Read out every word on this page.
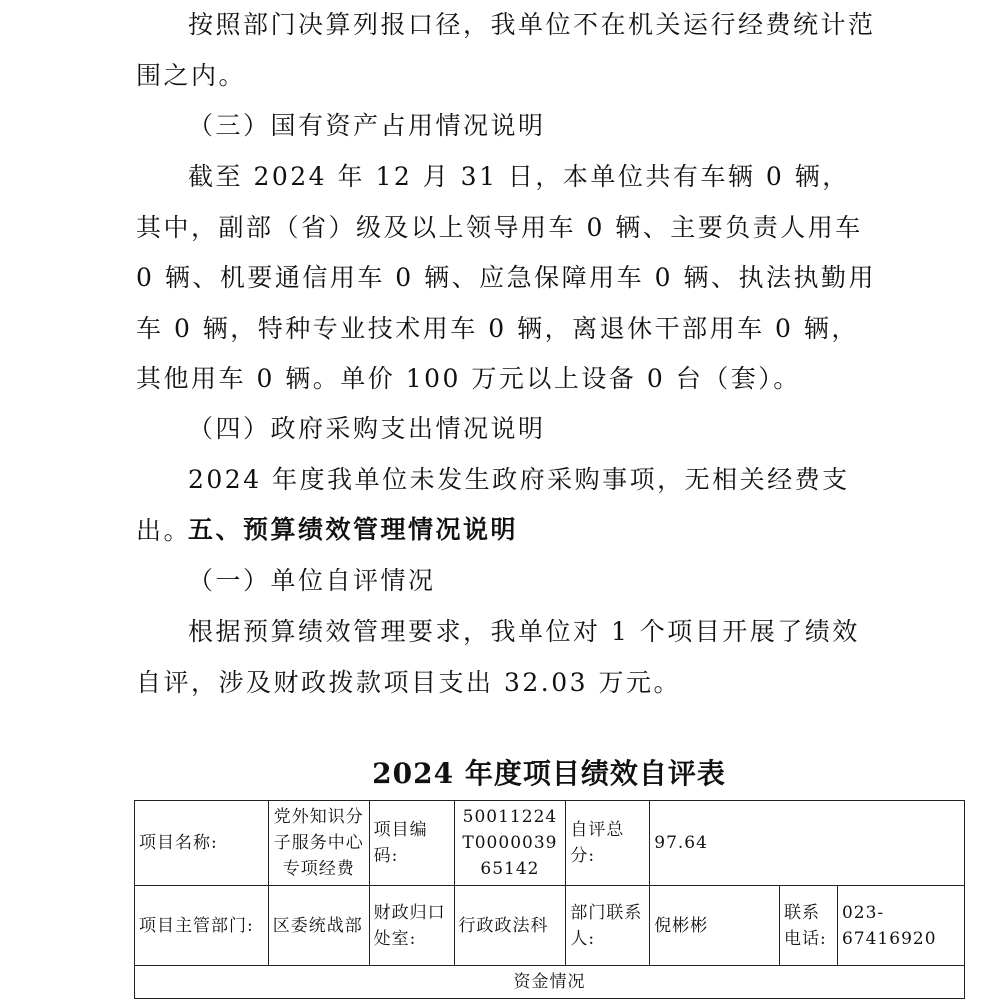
按照部门决算列报口径，我单位不在机关运行经费统计范围之内。

（三）国有资产占用情况说明

截至 2024 年 12 月 31 日，本单位共有车辆 0 辆，其中，副部（省）级及以上领导用车 0 辆、主要负责人用车 0 辆、机要通信用车 0 辆、应急保障用车 0 辆、执法执勤用车 0 辆，特种专业技术用车 0 辆，离退休干部用车 0 辆，其他用车 0 辆。单价 100 万元以上设备 0 台（套）。

（四）政府采购支出情况说明

2024 年度我单位未发生政府采购事项，无相关经费支出。

五、预算绩效管理情况说明

（一）单位自评情况

根据预算绩效管理要求，我单位对 1 个项目开展了绩效自评，涉及财政拨款项目支出 32.03 万元。

2024 年度项目绩效自评表
项目名称:	党外知识分子服务中心专项经费	项目编码:	50011224T000003965142	自评总分:	97.64		
项目主管部门:	区委统战部	财政归口处室:	行政政法科	部门联系人:	倪彬彬	联系电话:	023-67416920
资金情况							
